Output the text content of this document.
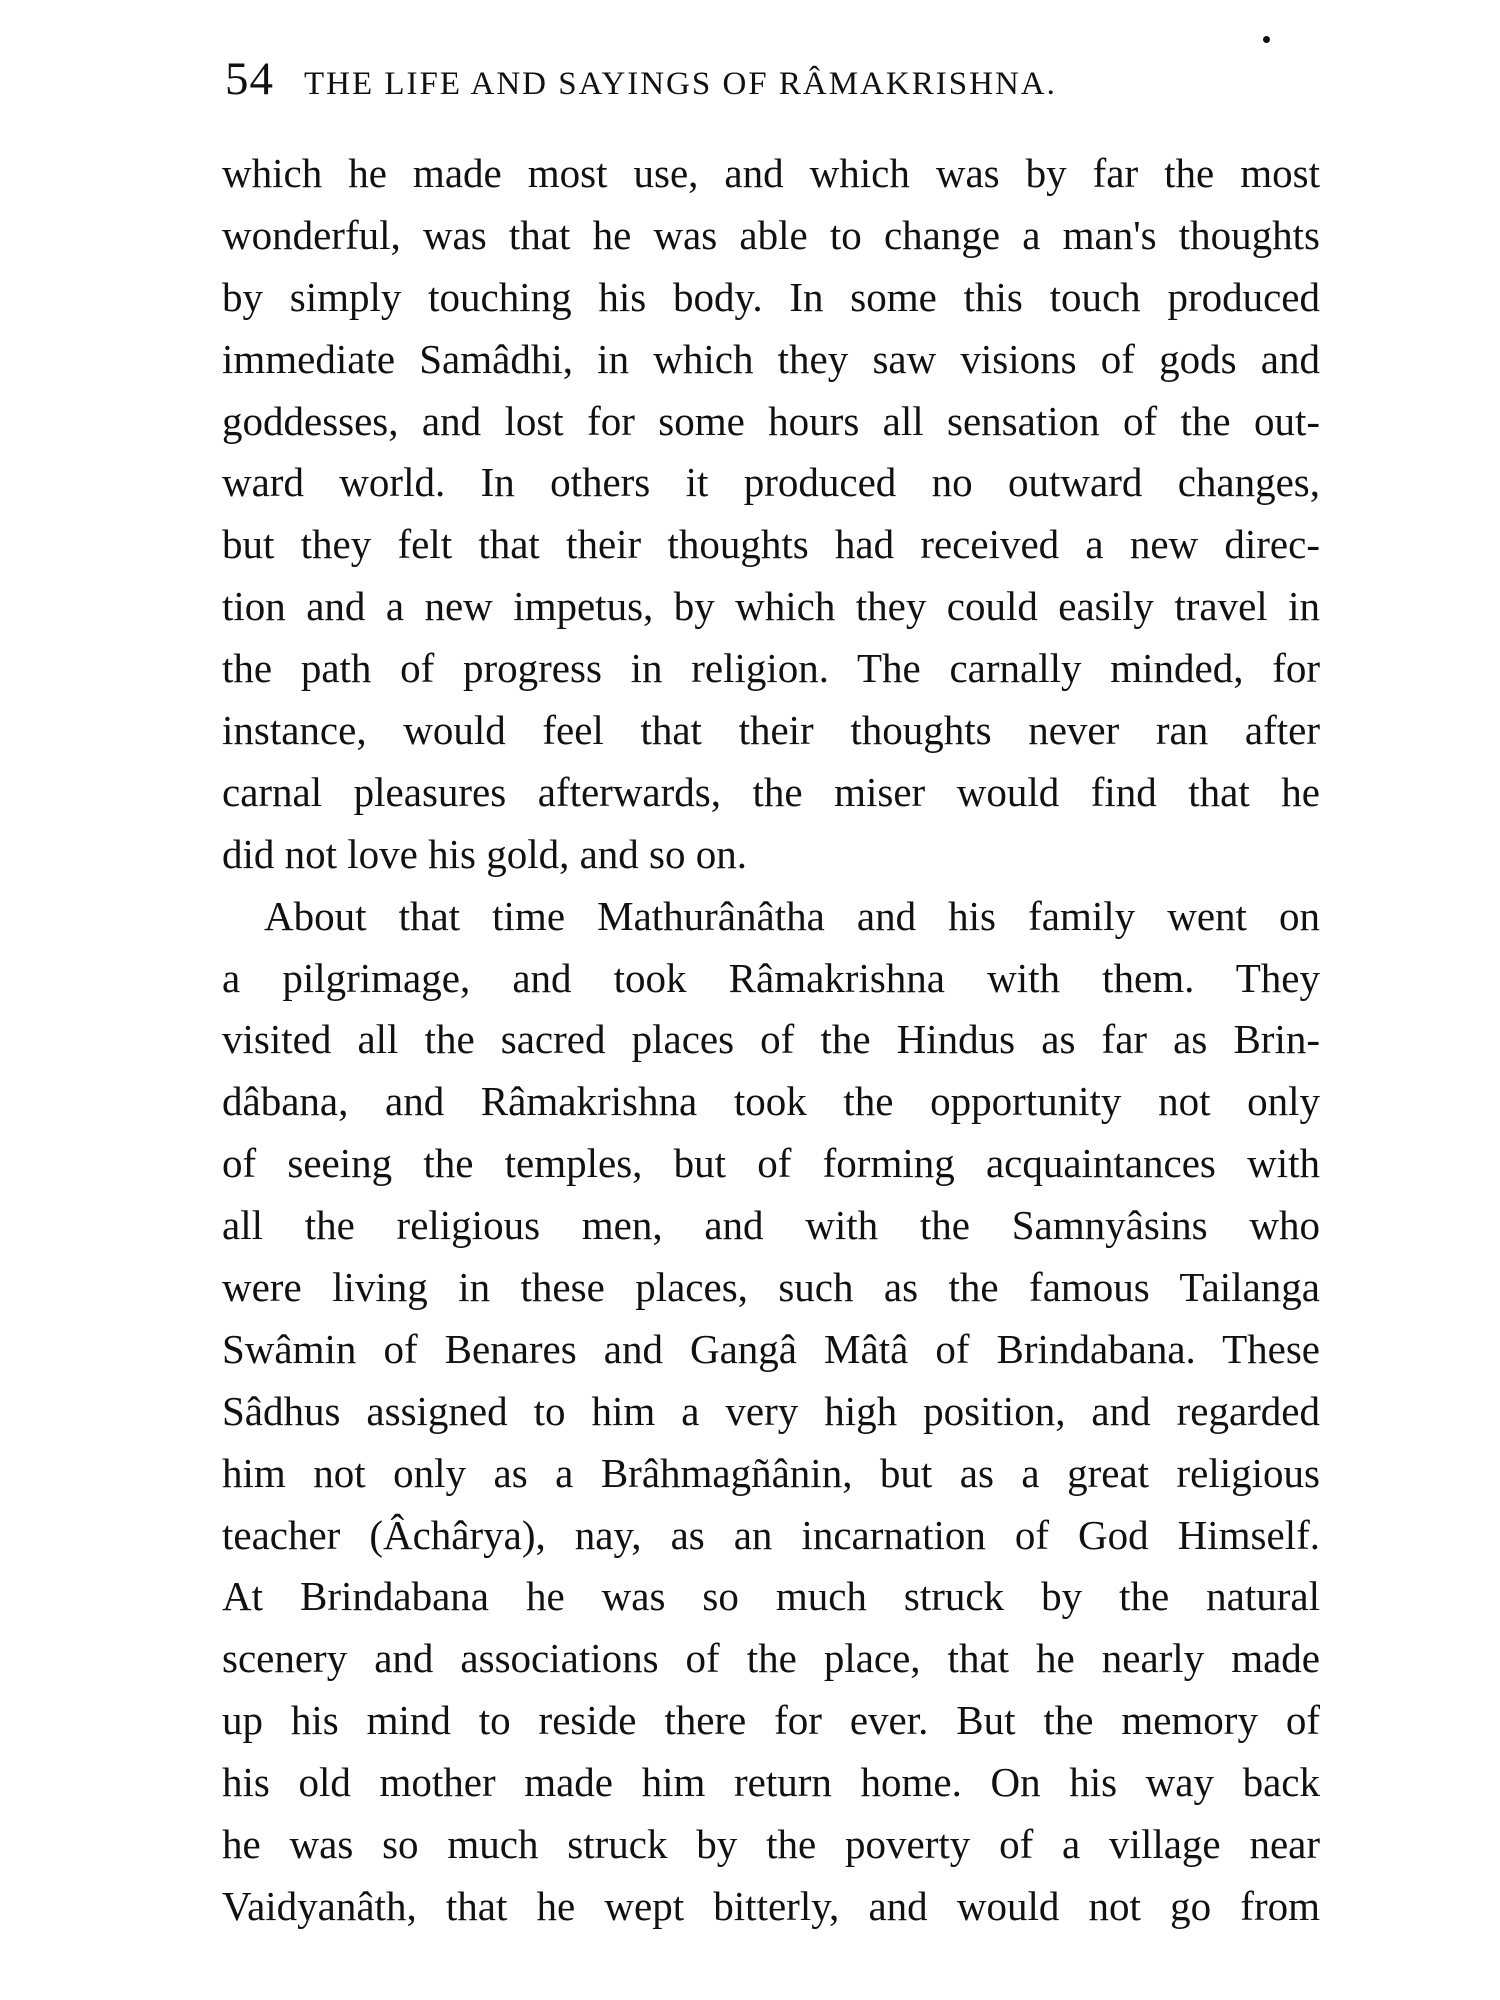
54 THE LIFE AND SAYINGS OF RÂMAKRISHNA.
which he made most use, and which was by far the most
wonderful, was that he was able to change a man's thoughts
by simply touching his body. In some this touch produced
immediate Samâdhi, in which they saw visions of gods and
goddesses, and lost for some hours all sensation of the out-
ward world. In others it produced no outward changes,
but they felt that their thoughts had received a new direc-
tion and a new impetus, by which they could easily travel in
the path of progress in religion. The carnally minded, for
instance, would feel that their thoughts never ran after
carnal pleasures afterwards, the miser would find that he
did not love his gold, and so on.
About that time Mathurânâtha and his family went on
a pilgrimage, and took Râmakrishna with them. They
visited all the sacred places of the Hindus as far as Brin-
dâbana, and Râmakrishna took the opportunity not only
of seeing the temples, but of forming acquaintances with
all the religious men, and with the Samnyâsins who
were living in these places, such as the famous Tailanga
Swâmin of Benares and Gangâ Mâtâ of Brindabana. These
Sâdhus assigned to him a very high position, and regarded
him not only as a Brâhmagñânin, but as a great religious
teacher (Âchârya), nay, as an incarnation of God Himself.
At Brindabana he was so much struck by the natural
scenery and associations of the place, that he nearly made
up his mind to reside there for ever. But the memory of
his old mother made him return home. On his way back
he was so much struck by the poverty of a village near
Vaidyanâth, that he wept bitterly, and would not go from
